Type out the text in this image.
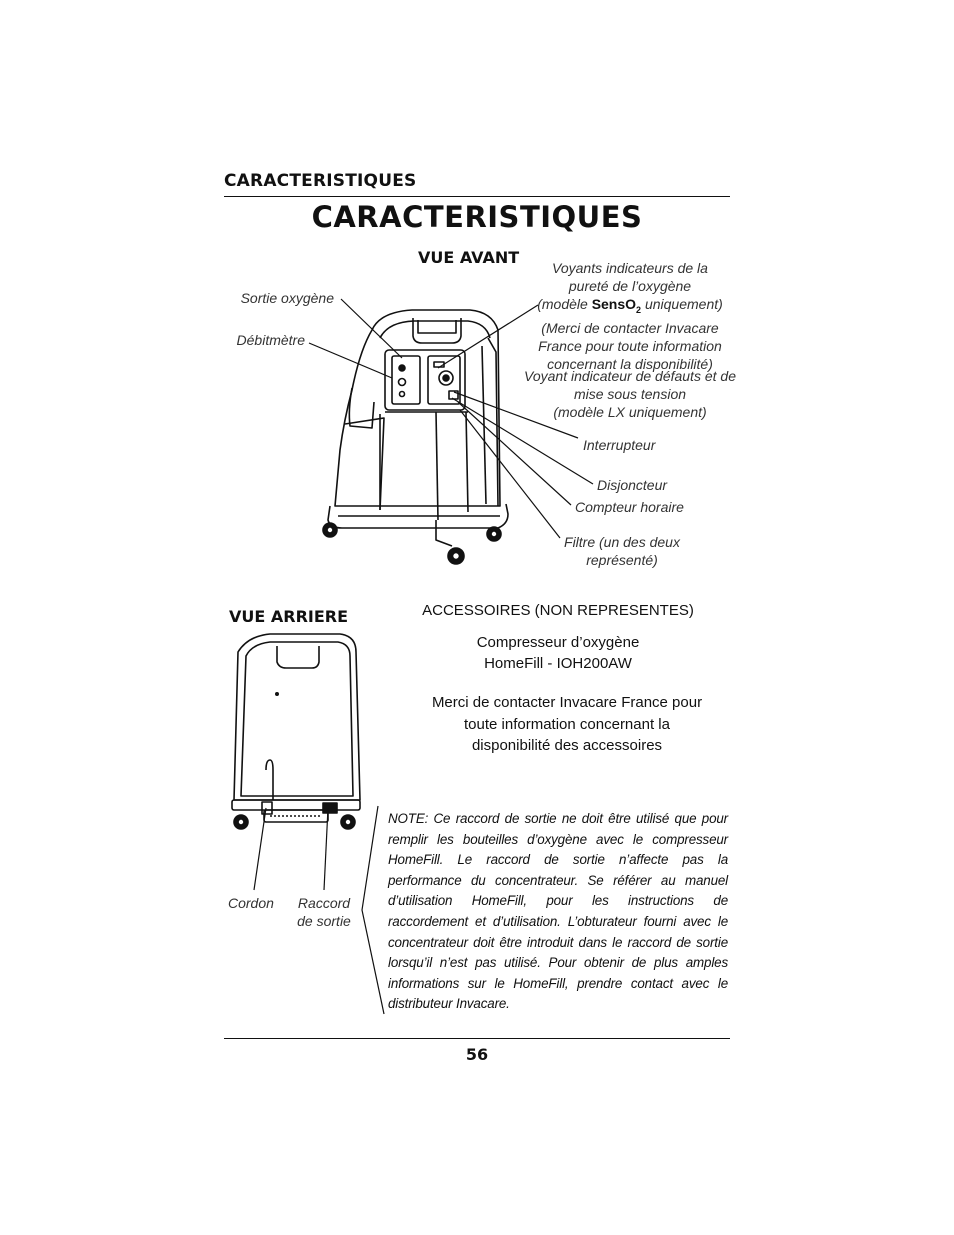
CARACTERISTIQUES
CARACTERISTIQUES
VUE AVANT
Sortie oxygène
Débitmètre
Voyants indicateurs de la
pureté de l’oxygène
(modèle SensO$_2$ uniquement)
(Merci de contacter Invacare
France pour toute information
concernant la disponibilité)
Voyant indicateur de défauts et de
mise sous tension
(modèle LX uniquement)
Interrupteur
Disjoncteur
Compteur horaire
Filtre (un des deux
représenté)
VUE ARRIERE
Cordon	Raccord
de sortie
ACCESSOIRES (NON REPRESENTES)
Compresseur d’oxygène
HomeFill - IOH200AW
Merci de contacter Invacare France pour
toute information concernant la
disponibilité des accessoires
NOTE: Ce raccord de sortie ne doit être utilisé que pour remplir les bouteilles d’oxygène avec le compresseur HomeFill. Le raccord de sortie n’affecte pas la performance du concentrateur. Se référer au manuel d’utilisation HomeFill, pour les instructions de raccordement et d’utilisation. L’obturateur fourni avec le concentrateur doit être introduit dans le raccord de sortie lorsqu’il n’est pas utilisé. Pour obtenir de plus amples informations sur le HomeFill, prendre contact avec le distributeur Invacare.
56
